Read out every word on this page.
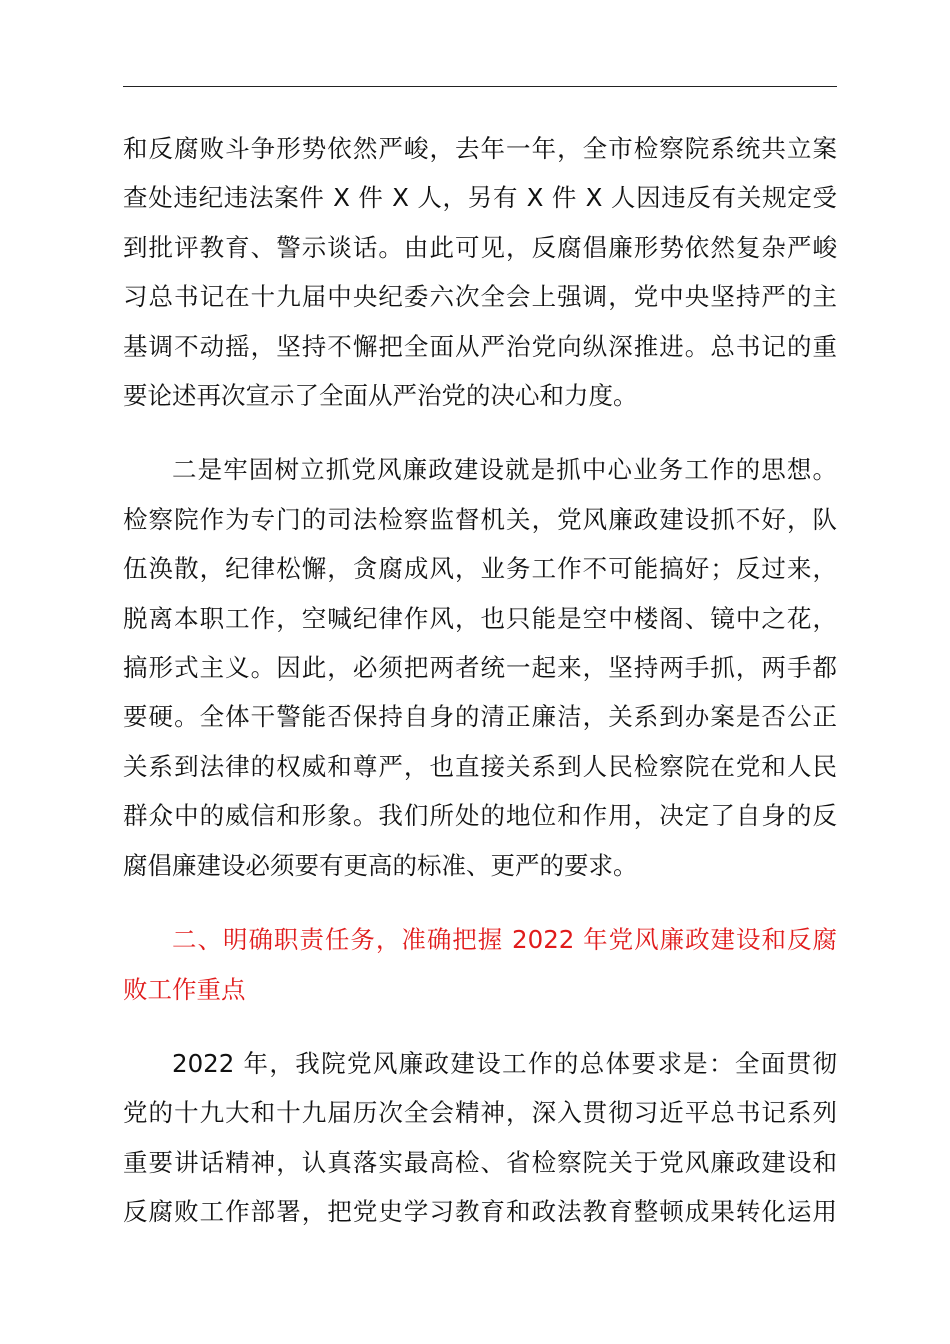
和反腐败斗争形势依然严峻，去年一年，全市检察院系统共立案
查处违纪违法案件 X 件 X 人，另有 X 件 X 人因违反有关规定受
到批评教育、警示谈话。由此可见，反腐倡廉形势依然复杂严峻
习总书记在十九届中央纪委六次全会上强调，党中央坚持严的主
基调不动摇，坚持不懈把全面从严治党向纵深推进。总书记的重
要论述再次宣示了全面从严治党的决心和力度。
二是牢固树立抓党风廉政建设就是抓中心业务工作的思想。
检察院作为专门的司法检察监督机关，党风廉政建设抓不好，队
伍涣散，纪律松懈，贪腐成风，业务工作不可能搞好；反过来，
脱离本职工作，空喊纪律作风，也只能是空中楼阁、镜中之花，
搞形式主义。因此，必须把两者统一起来，坚持两手抓，两手都
要硬。全体干警能否保持自身的清正廉洁，关系到办案是否公正
关系到法律的权威和尊严，也直接关系到人民检察院在党和人民
群众中的威信和形象。我们所处的地位和作用，决定了自身的反
腐倡廉建设必须要有更高的标准、更严的要求。
二、明确职责任务，准确把握 2022 年党风廉政建设和反腐
败工作重点
2022 年，我院党风廉政建设工作的总体要求是：全面贯彻
党的十九大和十九届历次全会精神，深入贯彻习近平总书记系列
重要讲话精神，认真落实最高检、省检察院关于党风廉政建设和
反腐败工作部署，把党史学习教育和政法教育整顿成果转化运用
